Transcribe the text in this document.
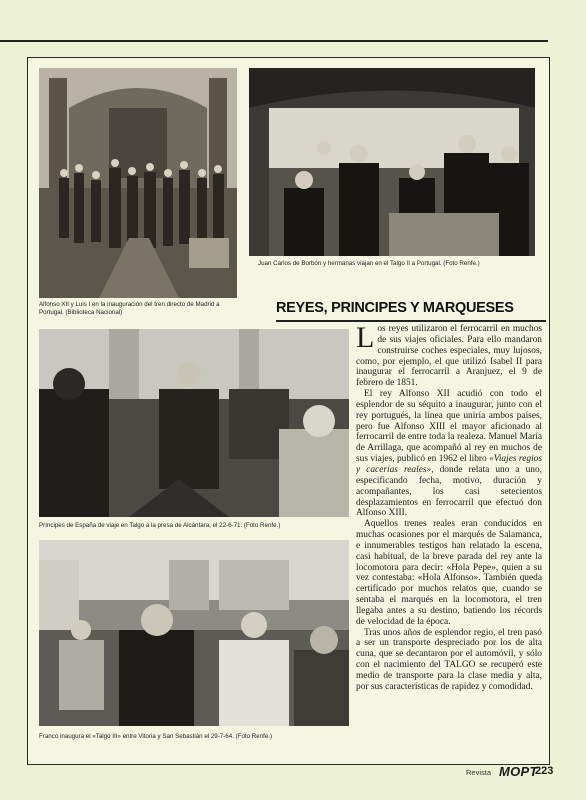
Alfonso XII y Luis I en la inauguración del tren directo de Madrid a Portugal. (Biblioteca Nacional)
Juan Carlos de Borbón y hermanas viajan en el Talgo II a Portugal. (Foto Renfe.)
REYES, PRINCIPES Y MARQUESES
Príncipes de España de viaje en Talgo a la presa de Alcántara, el 22-6-71. (Foto Renfe.)
Franco inaugura el «Talgo III» entre Vitoria y San Sebastián el 29-7-64. (Foto Renfe.)

Los reyes utilizaron el ferrocarril en muchos de sus viajes oficiales. Para ello mandaron construirse coches especiales, muy lujosos, como, por ejemplo, el que utilizó Isabel II para inaugurar el ferrocarril a Aranjuez, el 9 de febrero de 1851.

El rey Alfonso XII acudió con todo el esplendor de su séquito a inaugurar, junto con el rey portugués, la línea que uniría ambos países, pero fue Alfonso XIII el mayor aficionado al ferrocarril de entre toda la realeza. Manuel María de Arrillaga, que acompañó al rey en muchos de sus viajes, publicó en 1962 el libro «Viajes regios y cacerías reales», donde relata uno a uno, especificando fecha, motivo, duración y acompañantes, los casi setecientos desplazamientos en ferrocarril que efectuó don Alfonso XIII.

Aquellos trenes reales eran conducidos en muchas ocasiones por el marqués de Salamanca, e innumerables testigos han relatado la escena, casi habitual, de la breve parada del rey ante la locomotora para decir: «Hola Pepe», quien a su vez contestaba: «Hola Alfonso». También queda certificado por muchos relatos que, cuando se sentaba el marqués en la locomotora, el tren llegaba antes a su destino, batiendo los récords de velocidad de la época.

Tras unos años de esplendor regio, el tren pasó a ser un transporte despreciado por los de alta cuna, que se decantaron por el automóvil, y sólo con el nacimiento del TALGO se recuperó este medio de transporte para la clase media y alta, por sus características de rapidez y comodidad.

Revista MOPT
223
